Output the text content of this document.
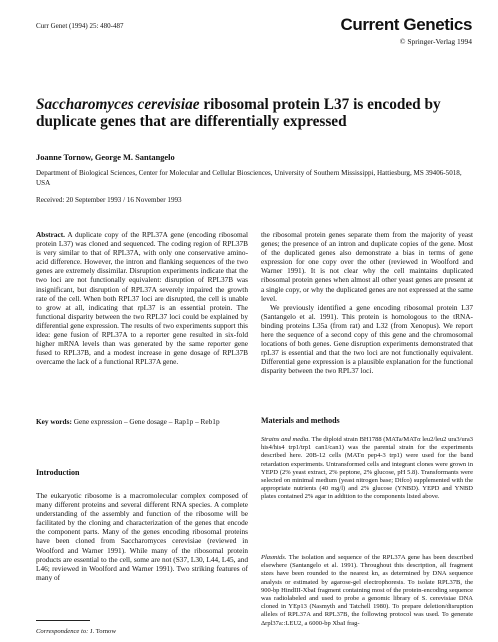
Curr Genet (1994) 25: 480-487	Current Genetics
© Springer-Verlag 1994
Saccharomyces cerevisiae ribosomal protein L37 is encoded by duplicate genes that are differentially expressed
Joanne Tornow, George M. Santangelo
Department of Biological Sciences, Center for Molecular and Cellular Biosciences, University of Southern Mississippi, Hattiesburg, MS 39406-5018, USA
Received: 20 September 1993 / 16 November 1993

Abstract. A duplicate copy of the RPL37A gene (encoding ribosomal protein L37) was cloned and sequenced. The coding region of RPL37B is very similar to that of RPL37A, with only one conservative amino-acid difference. However, the intron and flanking sequences of the two genes are extremely dissimilar. Disruption experiments indicate that the two loci are not functionally equivalent: disruption of RPL37B was insignificant, but disruption of RPL37A severely impaired the growth rate of the cell. When both RPL37 loci are disrupted, the cell is unable to grow at all, indicating that rpL37 is an essential protein. The functional disparity between the two RPL37 loci could be explained by differential gene expression. The results of two experiments support this idea: gene fusion of RPL37A to a reporter gene resulted in six-fold higher mRNA levels than was generated by the same reporter gene fused to RPL37B, and a modest increase in gene dosage of RPL37B overcame the lack of a functional RPL37A gene.

Key words: Gene expression – Gene dosage – Rap1p – Reb1p

Introduction

The eukaryotic ribosome is a macromolecular complex composed of many different proteins and several different RNA species. A complete understanding of the assembly and function of the ribosome will be facilitated by the cloning and characterization of the genes that encode the component parts. Many of the genes encoding ribosomal proteins have been cloned from Saccharomyces cerevisiae (reviewed in Woolford and Warner 1991). While many of the ribosomal protein products are essential to the cell, some are not (S37, L30, L44, L45, and L46; reviewed in Woolford and Warner 1991). Two striking features of many of

Correspondence to: J. Tornow

the ribosomal protein genes separate them from the majority of yeast genes; the presence of an intron and duplicate copies of the gene. Most of the duplicated genes also demonstrate a bias in terms of gene expression for one copy over the other (reviewed in Woolford and Warner 1991). It is not clear why the cell maintains duplicated ribosomal protein genes when almost all other yeast genes are present at a single copy, or why the duplicated genes are not expressed at the same level.

We previously identified a gene encoding ribosomal protein L37 (Santangelo et al. 1991). This protein is homologous to the tRNA-binding proteins L35a (from rat) and L32 (from Xenopus). We report here the sequence of a second copy of this gene and the chromosomal locations of both genes. Gene disruption experiments demonstrated that rpL37 is essential and that the two loci are not functionally equivalent. Differential gene expression is a plausible explanation for the functional disparity between the two RPL37 loci.

Materials and methods

Strains and media. The diploid strain BH1788 (MATa/MATα leu2/leu2 ura3/ura3 his4/his4 trp1/trp1 can1/can1) was the parental strain for the experiments described here. 20B-12 cells (MATα pep4-3 trp1) were used for the band retardation experiments. Untransformed cells and integrant clones were grown in YEPD (2% yeast extract, 2% peptone, 2% glucose, pH 5.8). Transformants were selected on minimal medium (yeast nitrogen base; Difco) supplemented with the appropriate nutrients (40 mg/l) and 2% glucose (YNBD). YEPD and YNBD plates contained 2% agar in addition to the components listed above.

Plasmids. The isolation and sequence of the RPL37A gene has been described elsewhere (Santangelo et al. 1991). Throughout this description, all fragment sizes have been rounded to the nearest kn, as determined by DNA sequence analysis or estimated by agarose-gel electrophoresis. To isolate RPL37B, the 900-bp HindIII-XbaI fragment containing most of the protein-encoding sequence was radiolabeled and used to probe a genomic library of S. cerevisiae DNA cloned in YEp13 (Nasmyth and Tatchell 1980). To prepare deletion/disruption alleles of RPL37A and RPL37B, the following protocol was used. To generate Δrpl37a::LEU2, a 6000-bp XbaI frag-
